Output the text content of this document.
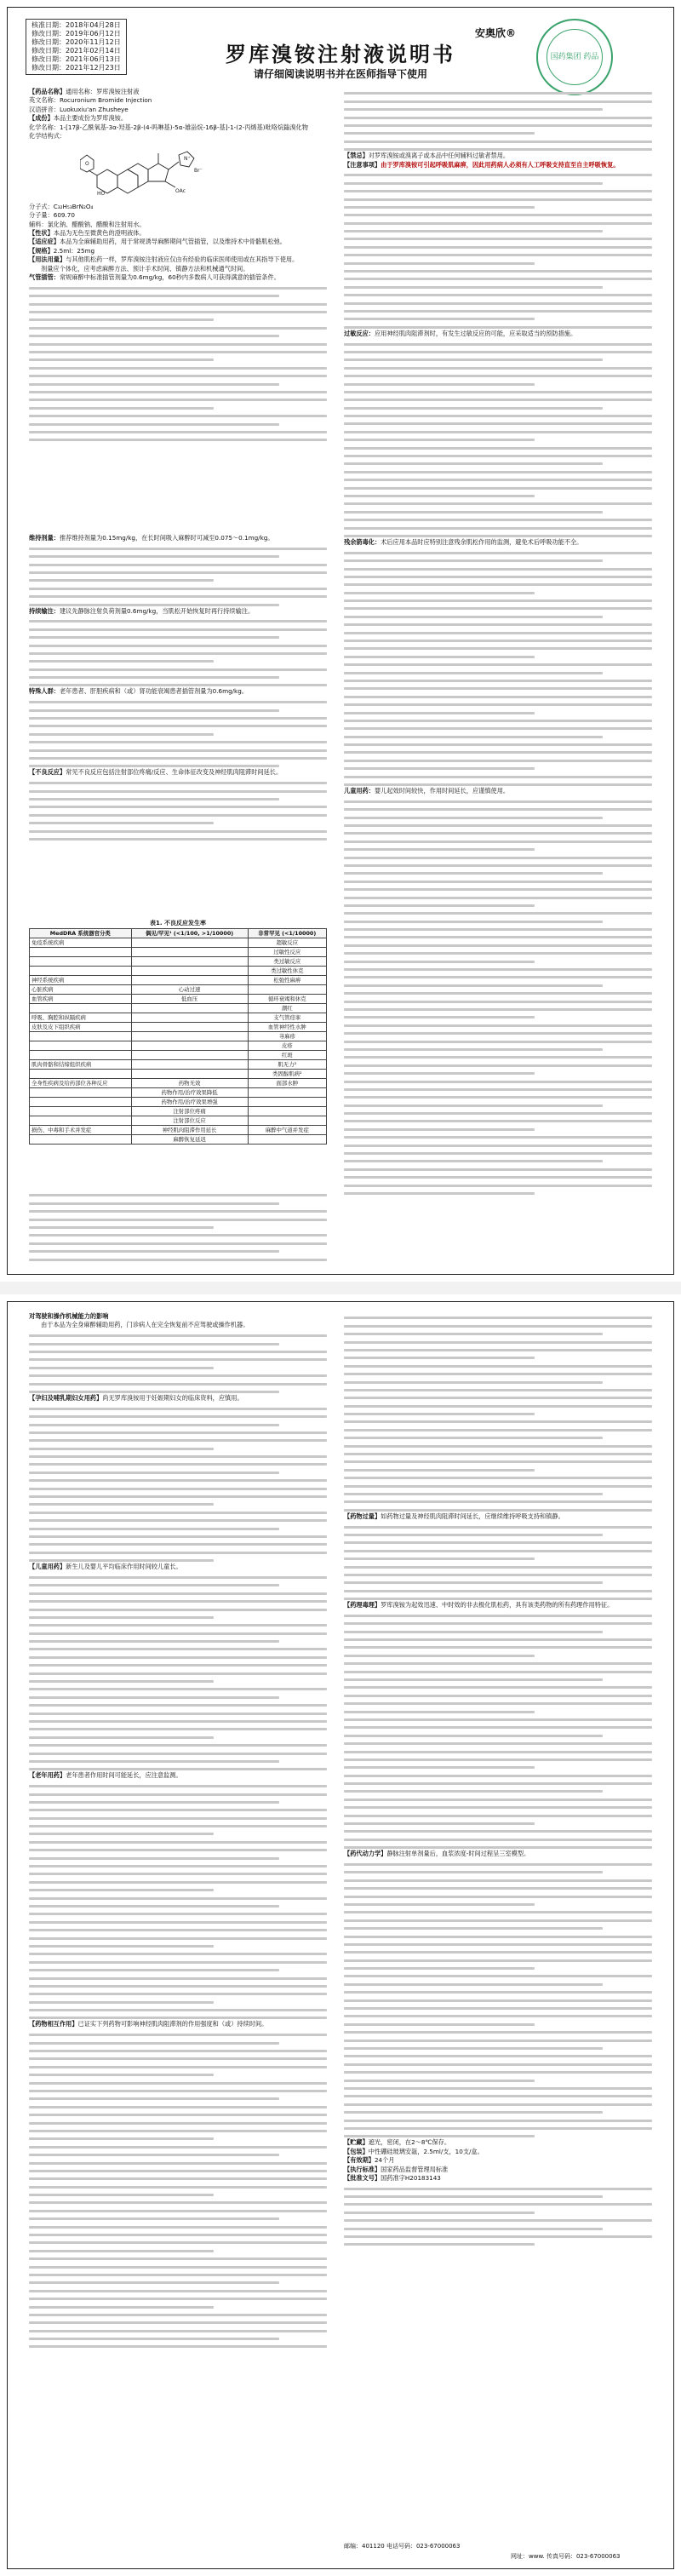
核准日期：2018年04月28日
修改日期：2019年06月12日
修改日期：2020年11月12日
修改日期：2021年02月14日
修改日期：2021年06月13日
修改日期：2021年12月23日
安奥欣®
国药集团 药品
罗库溴铵注射液说明书
请仔细阅读说明书并在医师指导下使用
【药品名称】通用名称：罗库溴铵注射液
英文名称：Rocuronium Bromide Injection
汉语拼音：Luokuxiu'an Zhusheye
【成份】本品主要成份为罗库溴铵。
化学名称：1-[17β-乙酰氧基-3α-羟基-2β-(4-吗啉基)-5α-雄甾烷-16β-基]-1-(2-丙烯基)吡咯烷鎓溴化物
化学结构式：
O
N⁺
OAc
HO
Br⁻
分子式：C₃₂H₅₃BrN₂O₄
分子量：609.70
辅料：氯化钠、醋酸钠、醋酸和注射用水。
【性状】本品为无色至微黄色的澄明液体。
【适应症】本品为全麻辅助用药，用于常规诱导麻醉期间气管插管，以及维持术中骨骼肌松弛。
【规格】2.5ml：25mg
【用法用量】与其他肌松药一样，罗库溴铵注射液应仅由有经验的临床医师使用或在其指导下使用。
剂量应个体化，应考虑麻醉方法、预计手术时间、镇静方法和机械通气时间。
气管插管：常规麻醉中标准插管剂量为0.6mg/kg，60秒内多数病人可获得满意的插管条件。
维持剂量：推荐维持剂量为0.15mg/kg，在长时间吸入麻醉时可减至0.075～0.1mg/kg。
持续输注：建议先静脉注射负荷剂量0.6mg/kg，当肌松开始恢复时再行持续输注。
特殊人群：老年患者、肝胆疾病和（或）肾功能衰竭患者插管剂量为0.6mg/kg。
【不良反应】常见不良反应包括注射部位疼痛/反应、生命体征改变及神经肌肉阻滞时间延长。
表1. 不良反应发生率
MedDRA 系统器官分类	偶见/罕见¹ (<1/100, >1/10000)	非常罕见 (<1/10000)
免疫系统疾病		超敏反应
		过敏性反应
		类过敏反应
		类过敏性休克
神经系统疾病		松弛性麻痹
心脏疾病	心动过速	
血管疾病	低血压	循环衰竭和休克
		潮红
呼吸、胸腔和纵隔疾病		支气管痉挛
皮肤及皮下组织疾病		血管神经性水肿
		荨麻疹
		皮疹
		红斑
肌肉骨骼和结缔组织疾病		肌无力²
		类固醇肌病²
全身性疾病及给药部位各种反应	药物无效	面部水肿
	药物作用/治疗效果降低	
	药物作用/治疗效果增强	
	注射部位疼痛	
	注射部位反应	
损伤、中毒和手术并发症	神经肌肉阻滞作用延长	麻醉中气道并发症
	麻醉恢复延迟	
【禁忌】对罗库溴铵或溴离子或本品中任何辅料过敏者禁用。
【注意事项】由于罗库溴铵可引起呼吸肌麻痹，因此用药病人必须有人工呼吸支持直至自主呼吸恢复。
过敏反应：应用神经肌肉阻滞剂时，有发生过敏反应的可能，应采取适当的预防措施。
残余箭毒化：术后应用本品时应特别注意残余肌松作用的监测，避免术后呼吸功能不全。
儿童用药：婴儿起效时间较快，作用时间延长，应谨慎使用。
对驾驶和操作机械能力的影响
由于本品为全身麻醉辅助用药，门诊病人在完全恢复前不应驾驶或操作机器。
【孕妇及哺乳期妇女用药】尚无罗库溴铵用于妊娠期妇女的临床资料，应慎用。
【儿童用药】新生儿及婴儿平均临床作用时间较儿童长。
【老年用药】老年患者作用时间可能延长，应注意监测。
【药物相互作用】已证实下列药物可影响神经肌肉阻滞剂的作用强度和（或）持续时间。
【药物过量】如药物过量及神经肌肉阻滞时间延长，应继续维持呼吸支持和镇静。
【药理毒理】罗库溴铵为起效迅速、中时效的非去极化肌松药，具有该类药物的所有药理作用特征。
【药代动力学】静脉注射单剂量后，血浆浓度-时间过程呈三室模型。
【贮藏】遮光，密闭，在2～8℃保存。
【包装】中性硼硅玻璃安瓿，2.5ml/支，10支/盒。
【有效期】24个月
【执行标准】国家药品监督管理局标准
【批准文号】国药准字H20183143
邮编：401120 电话号码：023-67000063
网址：www. 传真号码：023-67000063
